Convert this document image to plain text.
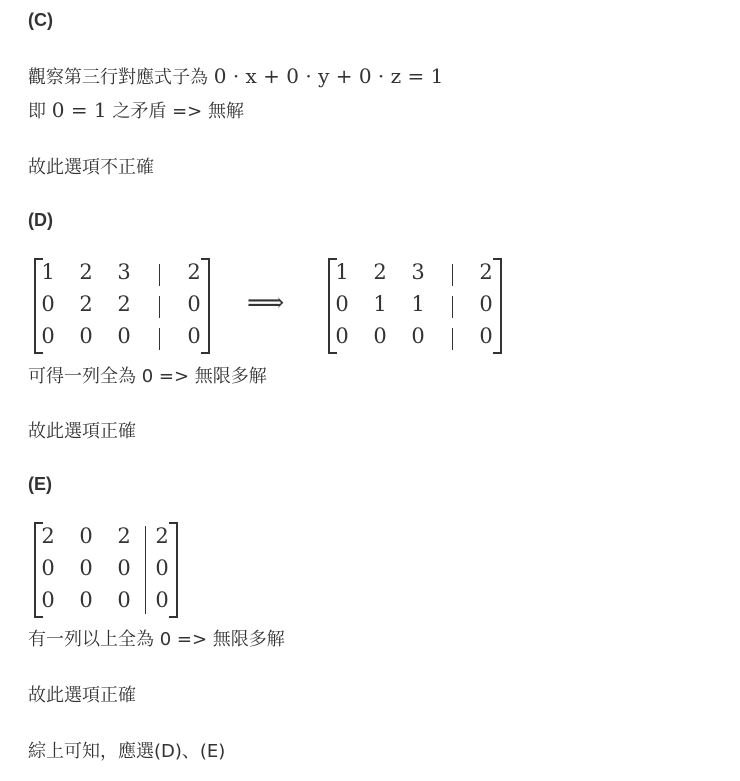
(C)
觀察第三行對應式子為 0 · x + 0 · y + 0 · z = 1
即 0 = 1 之矛盾 => 無解
故此選項不正確
(D)
1 2 3	2
0 2 2	0
0 0 0	0
⟹
1 2 3	2
0 1 1	0
0 0 0	0
可得一列全為 0 => 無限多解
故此選項正確
(E)
2 0 2 2
0 0 0 0
0 0 0 0
有一列以上全為 0 => 無限多解
故此選項正確
綜上可知，應選(D)、(E)
